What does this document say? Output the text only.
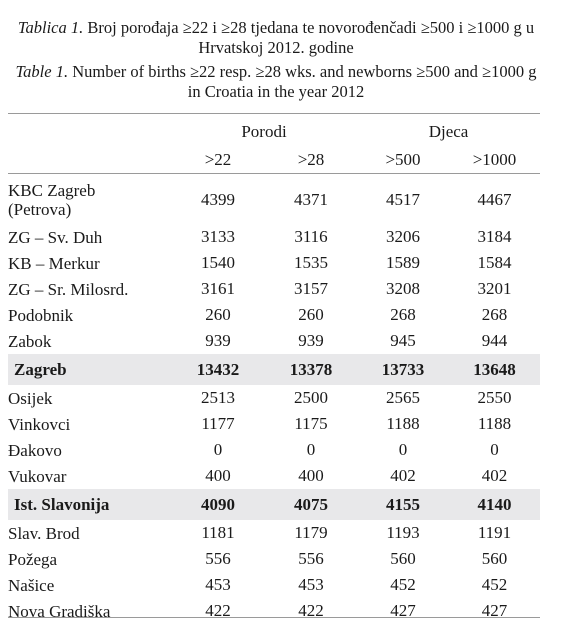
Tablica 1. Broj porođaja ≥22 i ≥28 tjedana te novorođenčadi ≥500 i ≥1000 g u Hrvatskoj 2012. godine
Table 1. Number of births ≥22 resp. ≥28 wks. and newborns ≥500 and ≥1000 g in Croatia in the year 2012
	Porodi		Djeca	
	>22	>28	>500	>1000
KBC Zagreb
(Petrova)	4399	4371	4517	4467
ZG – Sv. Duh	3133	3116	3206	3184
KB – Merkur	1540	1535	1589	1584
ZG – Sr. Milosrd.	3161	3157	3208	3201
Podobnik	260	260	268	268
Zabok	939	939	945	944
Zagreb	13432	13378	13733	13648
Osijek	2513	2500	2565	2550
Vinkovci	1177	1175	1188	1188
Đakovo	0	0	0	0
Vukovar	400	400	402	402
Ist. Slavonija	4090	4075	4155	4140
Slav. Brod	1181	1179	1193	1191
Požega	556	556	560	560
Našice	453	453	452	452
Nova Gradiška	422	422	427	427
